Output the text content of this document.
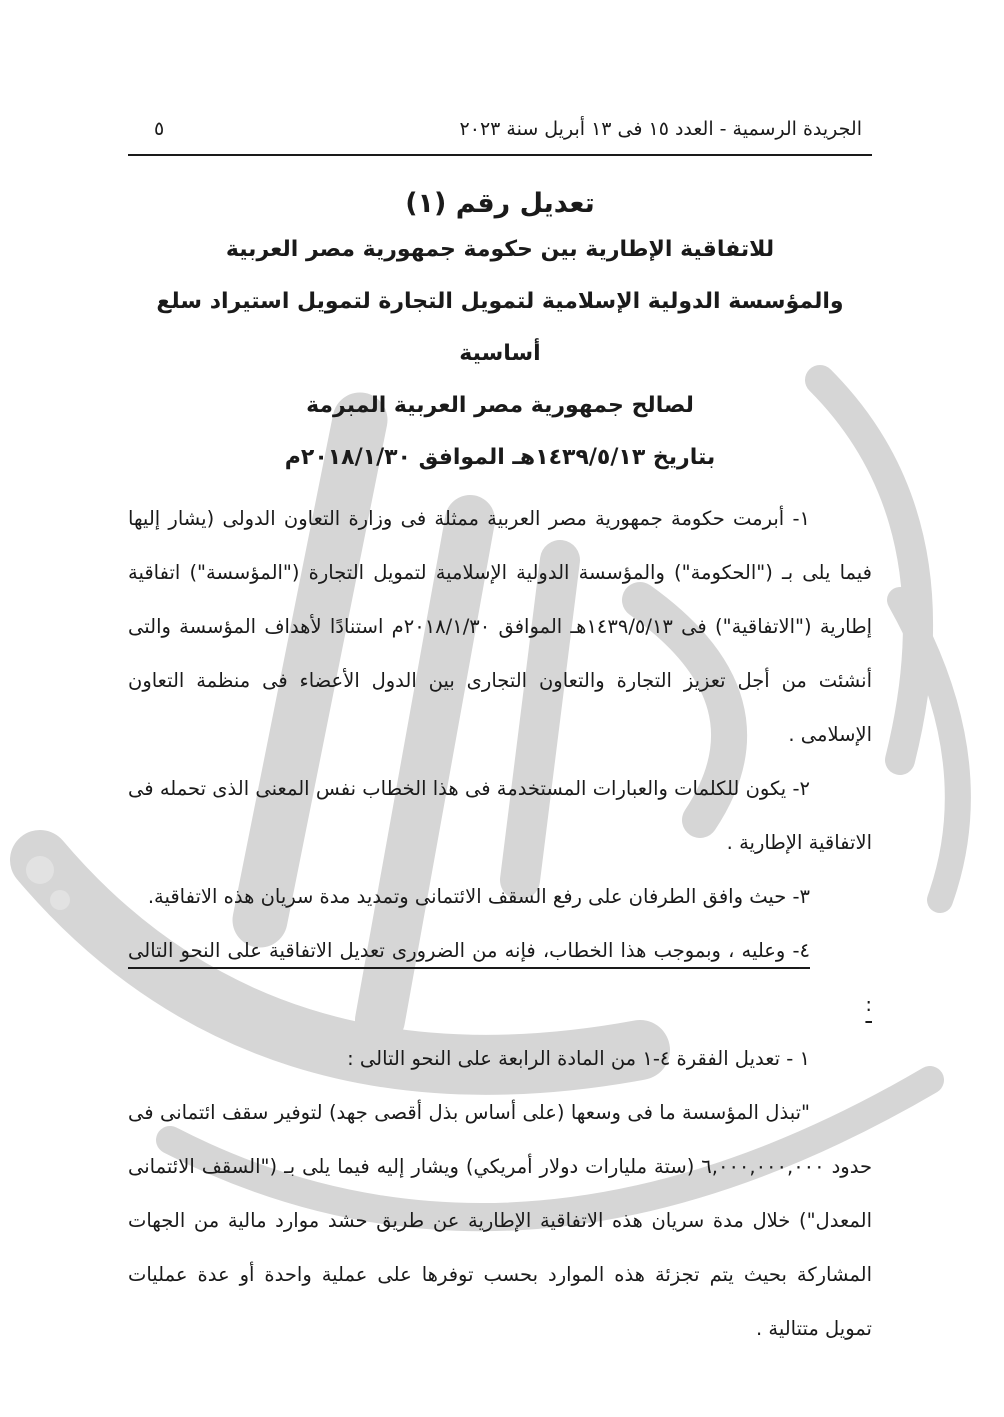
الجريدة الرسمية - العدد ١٥ فى ١٣ أبريل سنة ٢٠٢٣
٥
تعديل رقم (١)
للاتفاقية الإطارية بين حكومة جمهورية مصر العربية
والمؤسسة الدولية الإسلامية لتمويل التجارة لتمويل استيراد سلع أساسية
لصالح جمهورية مصر العربية المبرمة
بتاريخ ١٤٣٩/٥/١٣هـ الموافق ٢٠١٨/١/٣٠م

١- أبرمت حكومة جمهورية مصر العربية ممثلة فى وزارة التعاون الدولى (يشار إليها فيما يلى بـ ("الحكومة") والمؤسسة الدولية الإسلامية لتمويل التجارة ("المؤسسة") اتفاقية إطارية ("الاتفاقية") فى ١٤٣٩/٥/١٣هـ الموافق ٢٠١٨/١/٣٠م استنادًا لأهداف المؤسسة والتى أنشئت من أجل تعزيز التجارة والتعاون التجارى بين الدول الأعضاء فى منظمة التعاون الإسلامى .

٢- يكون للكلمات والعبارات المستخدمة فى هذا الخطاب نفس المعنى الذى تحمله فى الاتفاقية الإطارية .

٣- حيث وافق الطرفان على رفع السقف الائتمانى وتمديد مدة سريان هذه الاتفاقية.

٤- وعليه ، وبموجب هذا الخطاب، فإنه من الضرورى تعديل الاتفاقية على النحو التالى :

١ - تعديل الفقرة ٤-١ من المادة الرابعة على النحو التالى :

"تبذل المؤسسة ما فى وسعها (على أساس بذل أقصى جهد) لتوفير سقف ائتمانى فى حدود ٦,٠٠٠,٠٠٠,٠٠٠ (ستة مليارات دولار أمريكي) ويشار إليه فيما يلى بـ ("السقف الائتمانى المعدل") خلال مدة سريان هذه الاتفاقية الإطارية عن طريق حشد موارد مالية من الجهات المشاركة بحيث يتم تجزئة هذه الموارد بحسب توفرها على عملية واحدة أو عدة عمليات تمويل متتالية .
